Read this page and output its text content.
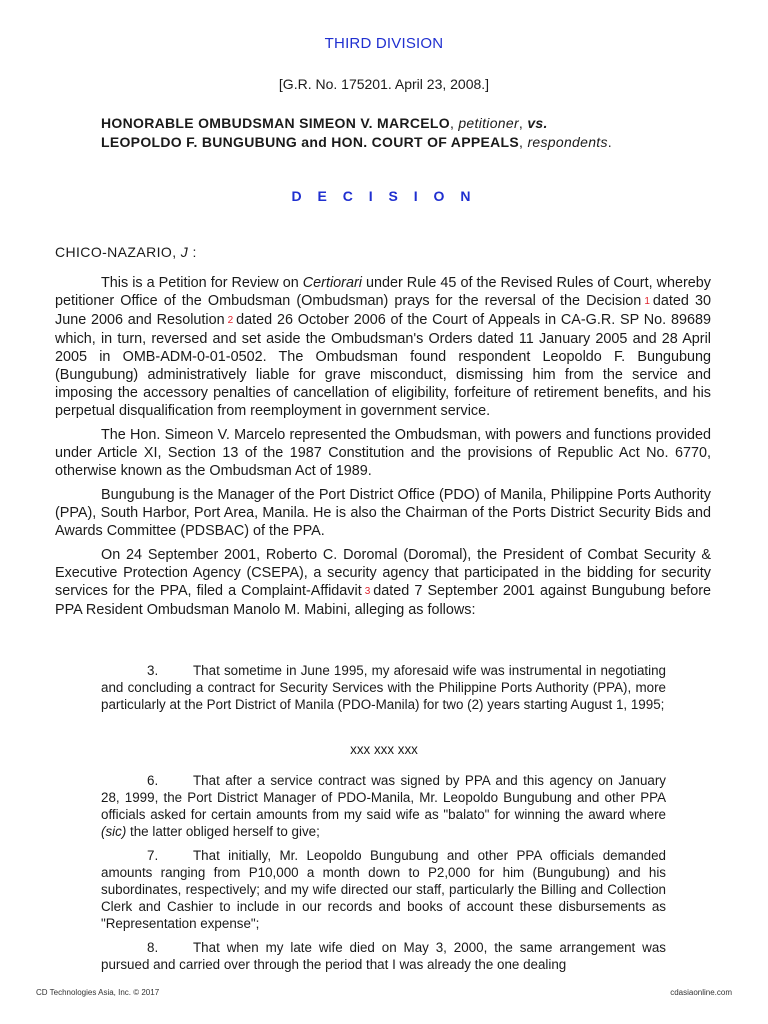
THIRD DIVISION
[G.R. No. 175201. April 23, 2008.]
HONORABLE OMBUDSMAN SIMEON V. MARCELO, petitioner, vs.
LEOPOLDO F. BUNGUBUNG and HON. COURT OF APPEALS, respondents.
D E C I S I O N
CHICO-NAZARIO, J :

This is a Petition for Review on Certiorari under Rule 45 of the Revised Rules of Court, whereby petitioner Office of the Ombudsman (Ombudsman) prays for the reversal of the Decision 1 dated 30 June 2006 and Resolution 2 dated 26 October 2006 of the Court of Appeals in CA-G.R. SP No. 89689 which, in turn, reversed and set aside the Ombudsman's Orders dated 11 January 2005 and 28 April 2005 in OMB-ADM-0-01-0502. The Ombudsman found respondent Leopoldo F. Bungubung (Bungubung) administratively liable for grave misconduct, dismissing him from the service and imposing the accessory penalties of cancellation of eligibility, forfeiture of retirement benefits, and his perpetual disqualification from reemployment in government service.

The Hon. Simeon V. Marcelo represented the Ombudsman, with powers and functions provided under Article XI, Section 13 of the 1987 Constitution and the provisions of Republic Act No. 6770, otherwise known as the Ombudsman Act of 1989.

Bungubung is the Manager of the Port District Office (PDO) of Manila, Philippine Ports Authority (PPA), South Harbor, Port Area, Manila. He is also the Chairman of the Ports District Security Bids and Awards Committee (PDSBAC) of the PPA.

On 24 September 2001, Roberto C. Doromal (Doromal), the President of Combat Security & Executive Protection Agency (CSEPA), a security agency that participated in the bidding for security services for the PPA, filed a Complaint-Affidavit 3 dated 7 September 2001 against Bungubung before PPA Resident Ombudsman Manolo M. Mabini, alleging as follows:

3.	That sometime in June 1995, my aforesaid wife was instrumental in negotiating and concluding a contract for Security Services with the Philippine Ports Authority (PPA), more particularly at the Port District of Manila (PDO-Manila) for two (2) years starting August 1, 1995;
xxx xxx xxx
6.	That after a service contract was signed by PPA and this agency on January 28, 1999, the Port District Manager of PDO-Manila, Mr. Leopoldo Bungubung and other PPA officials asked for certain amounts from my said wife as "balato" for winning the award where (sic) the latter obliged herself to give;
7.	That initially, Mr. Leopoldo Bungubung and other PPA officials demanded amounts ranging from P10,000 a month down to P2,000 for him (Bungubung) and his subordinates, respectively; and my wife directed our staff, particularly the Billing and Collection Clerk and Cashier to include in our records and books of account these disbursements as "Representation expense";
8.	That when my late wife died on May 3, 2000, the same arrangement was pursued and carried over through the period that I was already the one dealing
CD Technologies Asia, Inc. © 2017	cdasiaonline.com
